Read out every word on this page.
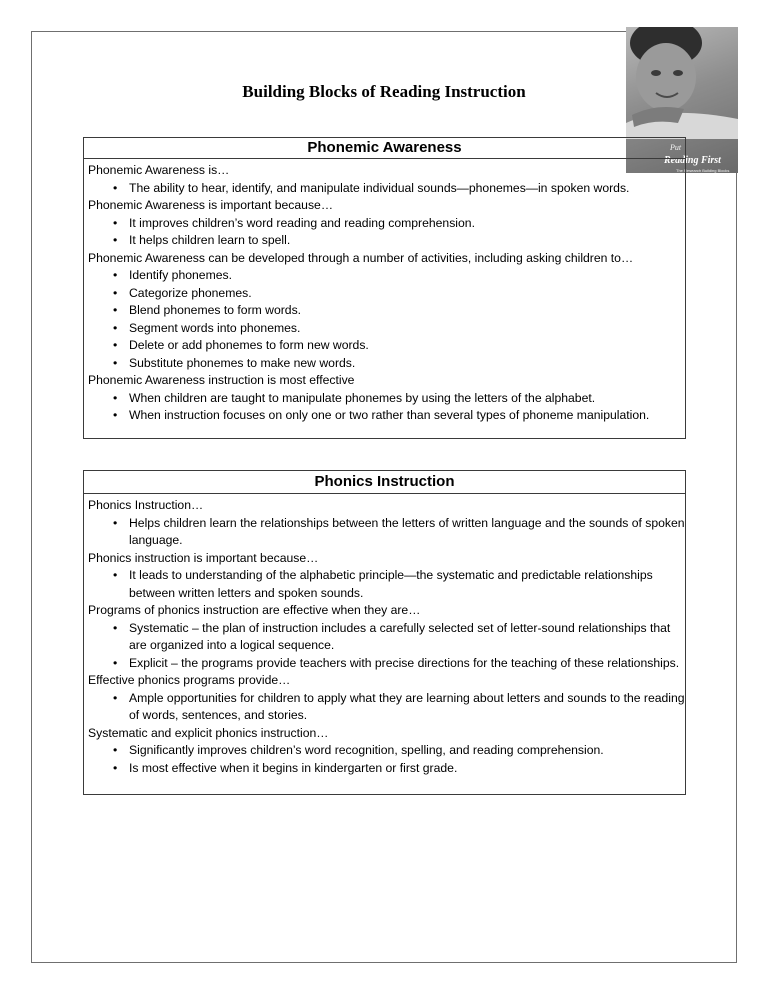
Building Blocks of Reading Instruction
Put
Reading First
The Research Building Blocks
Phonemic Awareness

Phonemic Awareness is…

• The ability to hear, identify, and manipulate individual sounds—phonemes—in spoken words.

Phonemic Awareness is important because…

• It improves children’s word reading and reading comprehension.
• It helps children learn to spell.

Phonemic Awareness can be developed through a number of activities, including asking children to…

• Identify phonemes.
• Categorize phonemes.
• Blend phonemes to form words.
• Segment words into phonemes.
• Delete or add phonemes to form new words.
• Substitute phonemes to make new words.

Phonemic Awareness instruction is most effective

• When children are taught to manipulate phonemes by using the letters of the alphabet.
• When instruction focuses on only one or two rather than several types of phoneme manipulation.
Phonics Instruction

Phonics Instruction…

• Helps children learn the relationships between the letters of written language and the sounds of spoken language.

Phonics instruction is important because…

• It leads to understanding of the alphabetic principle—the systematic and predictable relationships between written letters and spoken sounds.

Programs of phonics instruction are effective when they are…

• Systematic – the plan of instruction includes a carefully selected set of letter-sound relationships that are organized into a logical sequence.
• Explicit – the programs provide teachers with precise directions for the teaching of these relationships.

Effective phonics programs provide…

• Ample opportunities for children to apply what they are learning about letters and sounds to the reading of words, sentences, and stories.

Systematic and explicit phonics instruction…

• Significantly improves children’s word recognition, spelling, and reading comprehension.
• Is most effective when it begins in kindergarten or first grade.
